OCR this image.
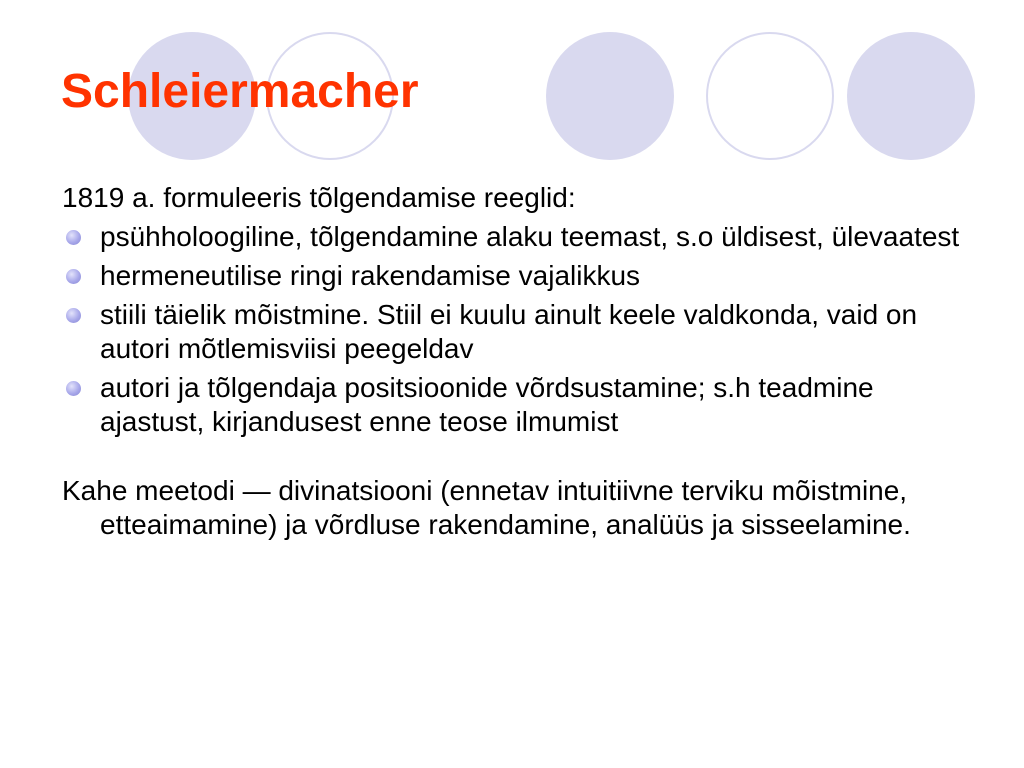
Schleiermacher

1819 a. formuleeris tõlgendamise reeglid:

psühholoogiline, tõlgendamine alaku teemast, s.o üldisest, ülevaatest
hermeneutilise ringi rakendamise vajalikkus
stiili täielik mõistmine. Stiil ei kuulu ainult keele valdkonda, vaid on autori mõtlemisviisi peegeldav
autori ja tõlgendaja positsioonide võrdsustamine; s.h teadmine ajastust, kirjandusest enne teose ilmumist

Kahe meetodi — divinatsiooni (ennetav intuitiivne terviku mõistmine, etteaimamine) ja võrdluse rakendamine, analüüs ja sisseelamine.
